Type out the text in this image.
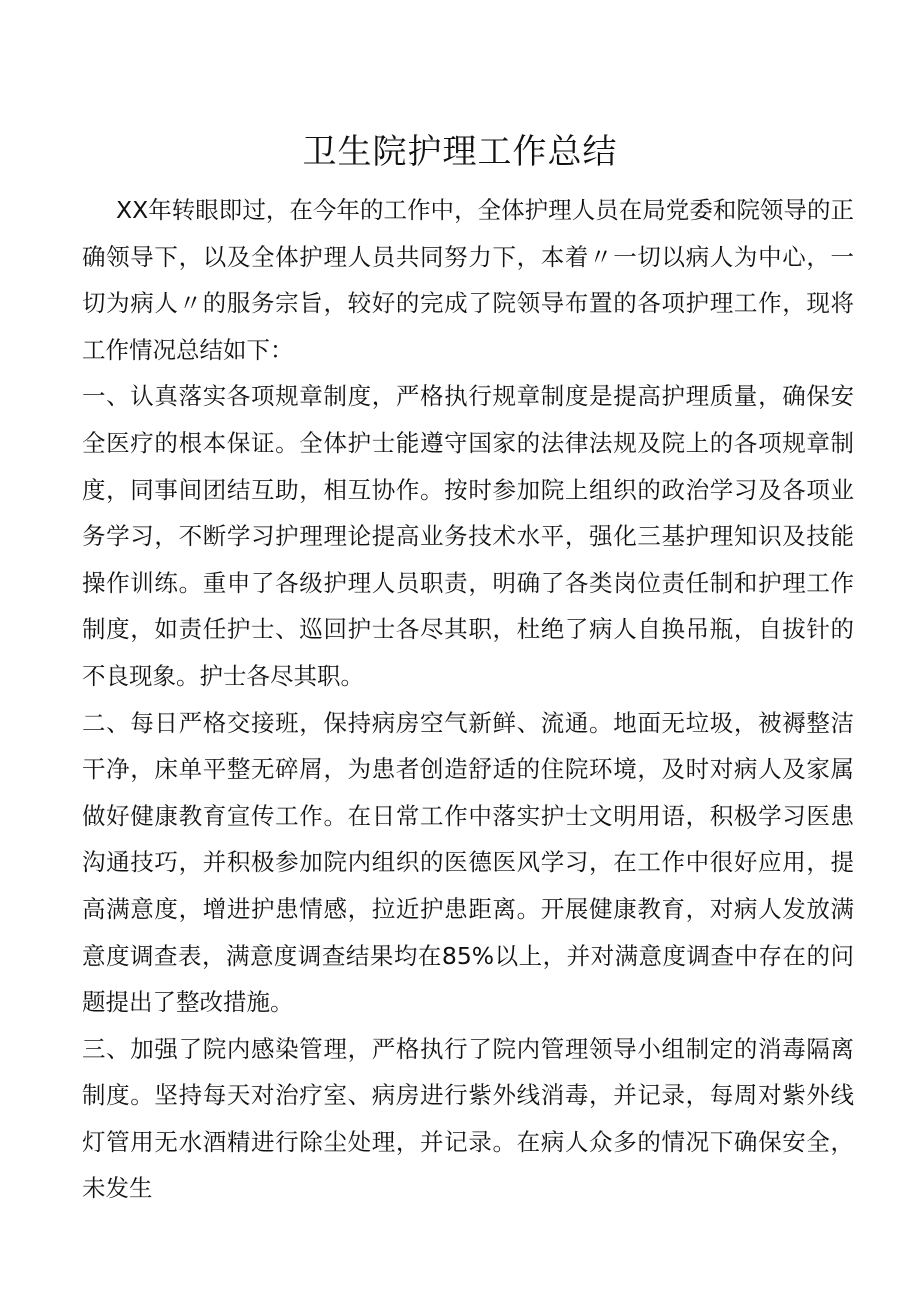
卫生院护理工作总结

XX年转眼即过，在今年的工作中，全体护理人员在局党委和院领导的正确领导下，以及全体护理人员共同努力下，本着〃一切以病人为中心，一切为病人〃的服务宗旨，较好的完成了院领导布置的各项护理工作，现将工作情况总结如下：

一、认真落实各项规章制度，严格执行规章制度是提高护理质量，确保安全医疗的根本保证。全体护士能遵守国家的法律法规及院上的各项规章制度，同事间团结互助，相互协作。按时参加院上组织的政治学习及各项业务学习，不断学习护理理论提高业务技术水平，强化三基护理知识及技能操作训练。重申了各级护理人员职责，明确了各类岗位责任制和护理工作制度，如责任护士、巡回护士各尽其职，杜绝了病人自换吊瓶，自拔针的不良现象。护士各尽其职。

二、每日严格交接班，保持病房空气新鲜、流通。地面无垃圾，被褥整洁干净，床单平整无碎屑，为患者创造舒适的住院环境，及时对病人及家属做好健康教育宣传工作。在日常工作中落实护士文明用语，积极学习医患沟通技巧，并积极参加院内组织的医德医风学习，在工作中很好应用，提高满意度，增进护患情感，拉近护患距离。开展健康教育，对病人发放满意度调查表，满意度调查结果均在85%以上，并对满意度调查中存在的问题提出了整改措施。

三、加强了院内感染管理，严格执行了院内管理领导小组制定的消毒隔离制度。坚持每天对治疗室、病房进行紫外线消毒，并记录，每周对紫外线灯管用无水酒精进行除尘处理，并记录。在病人众多的情况下确保安全，未发生
